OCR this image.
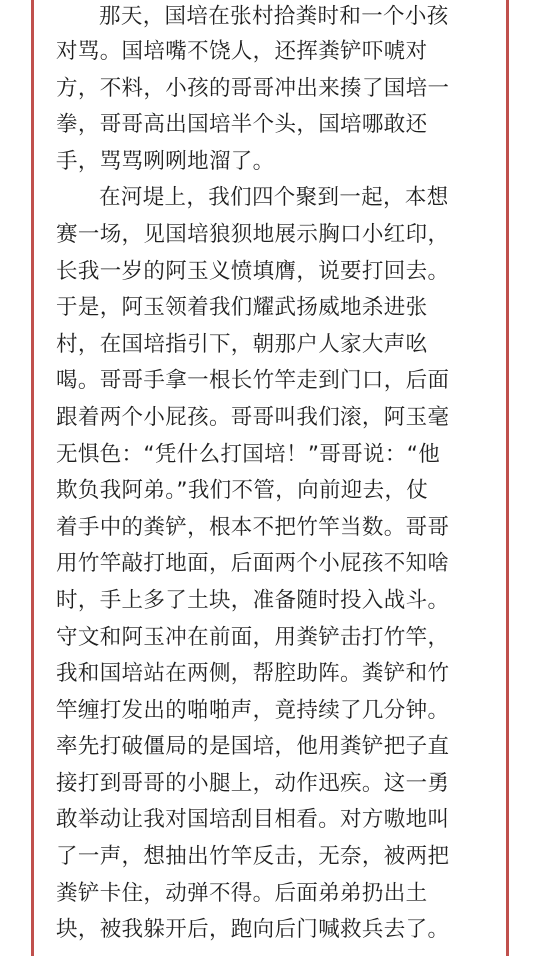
那天，国培在张村拾粪时和一个小孩
对骂。国培嘴不饶人，还挥粪铲吓唬对
方，不料，小孩的哥哥冲出来揍了国培一
拳，哥哥高出国培半个头，国培哪敢还
手，骂骂咧咧地溜了。
在河堤上，我们四个聚到一起，本想
赛一场，见国培狼狈地展示胸口小红印，
长我一岁的阿玉义愤填膺，说要打回去。
于是，阿玉领着我们耀武扬威地杀进张
村，在国培指引下，朝那户人家大声吆
喝。哥哥手拿一根长竹竿走到门口，后面
跟着两个小屁孩。哥哥叫我们滚，阿玉毫
无惧色：“凭什么打国培！”哥哥说：“他
欺负我阿弟。”我们不管，向前迎去，仗
着手中的粪铲，根本不把竹竿当数。哥哥
用竹竿敲打地面，后面两个小屁孩不知啥
时，手上多了土块，准备随时投入战斗。
守文和阿玉冲在前面，用粪铲击打竹竿，
我和国培站在两侧，帮腔助阵。粪铲和竹
竿缠打发出的啪啪声，竟持续了几分钟。
率先打破僵局的是国培，他用粪铲把子直
接打到哥哥的小腿上，动作迅疾。这一勇
敢举动让我对国培刮目相看。对方嗷地叫
了一声，想抽出竹竿反击，无奈，被两把
粪铲卡住，动弹不得。后面弟弟扔出土
块，被我躲开后，跑向后门喊救兵去了。
